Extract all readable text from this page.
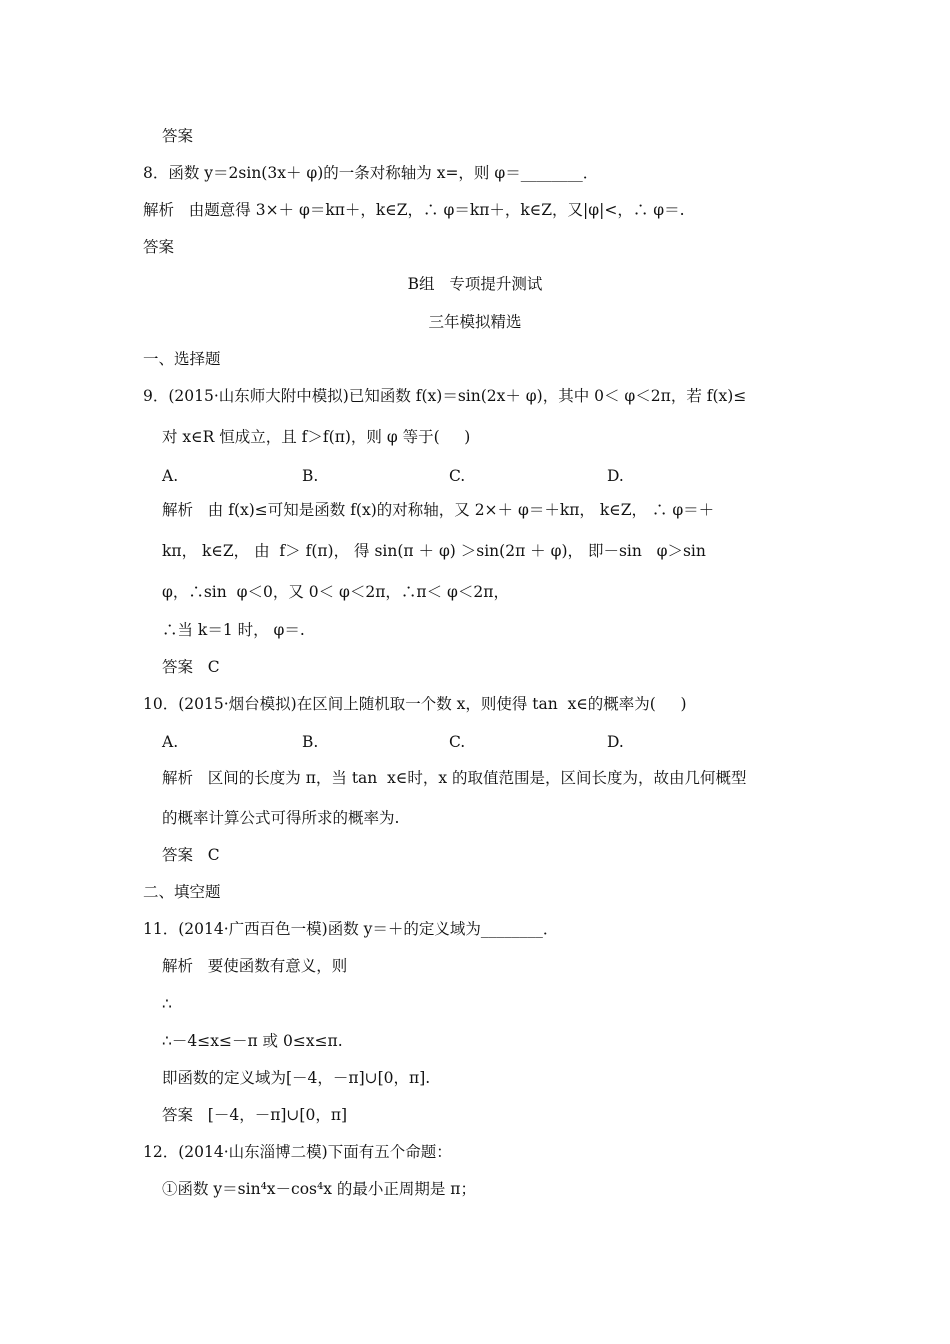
答案
8．函数 y＝2sin(3x＋ φ)的一条对称轴为 x=，则 φ＝________．
解析   由题意得 3×＋ φ＝kπ＋，k∈Z，∴ φ＝kπ＋，k∈Z，又|φ|<，∴ φ＝.
答案
B组   专项提升测试
三年模拟精选
一、选择题
9．(2015·山东师大附中模拟)已知函数 f(x)＝sin(2x＋ φ)，其中 0＜ φ＜2π，若 f(x)≤
对 x∈R 恒成立，且 f＞f(π)，则 φ 等于(     )
A.	B.	C.	D.
解析   由 f(x)≤可知是函数 f(x)的对称轴，又 2×＋ φ＝＋kπ， k∈Z， ∴ φ＝＋
kπ， k∈Z， 由  f＞ f(π)， 得 sin(π ＋ φ) ＞sin(2π ＋ φ)， 即－sin   φ＞sin
φ，∴sin  φ＜0，又 0＜ φ＜2π，∴π＜ φ＜2π，
∴当 k＝1 时， φ＝.
答案   C
10．(2015·烟台模拟)在区间上随机取一个数 x，则使得 tan  x∈的概率为(     )
A.	B.	C.	D.
解析   区间的长度为 π，当 tan  x∈时，x 的取值范围是，区间长度为，故由几何概型
的概率计算公式可得所求的概率为.
答案   C
二、填空题
11．(2014·广西百色一模)函数 y＝＋的定义域为________．
解析   要使函数有意义，则
∴
∴－4≤x≤－π 或 0≤x≤π.
即函数的定义域为[－4，－π]∪[0，π].
答案   [－4，－π]∪[0，π]
12．(2014·山东淄博二模)下面有五个命题：
①函数 y＝sin⁴x－cos⁴x 的最小正周期是 π；
